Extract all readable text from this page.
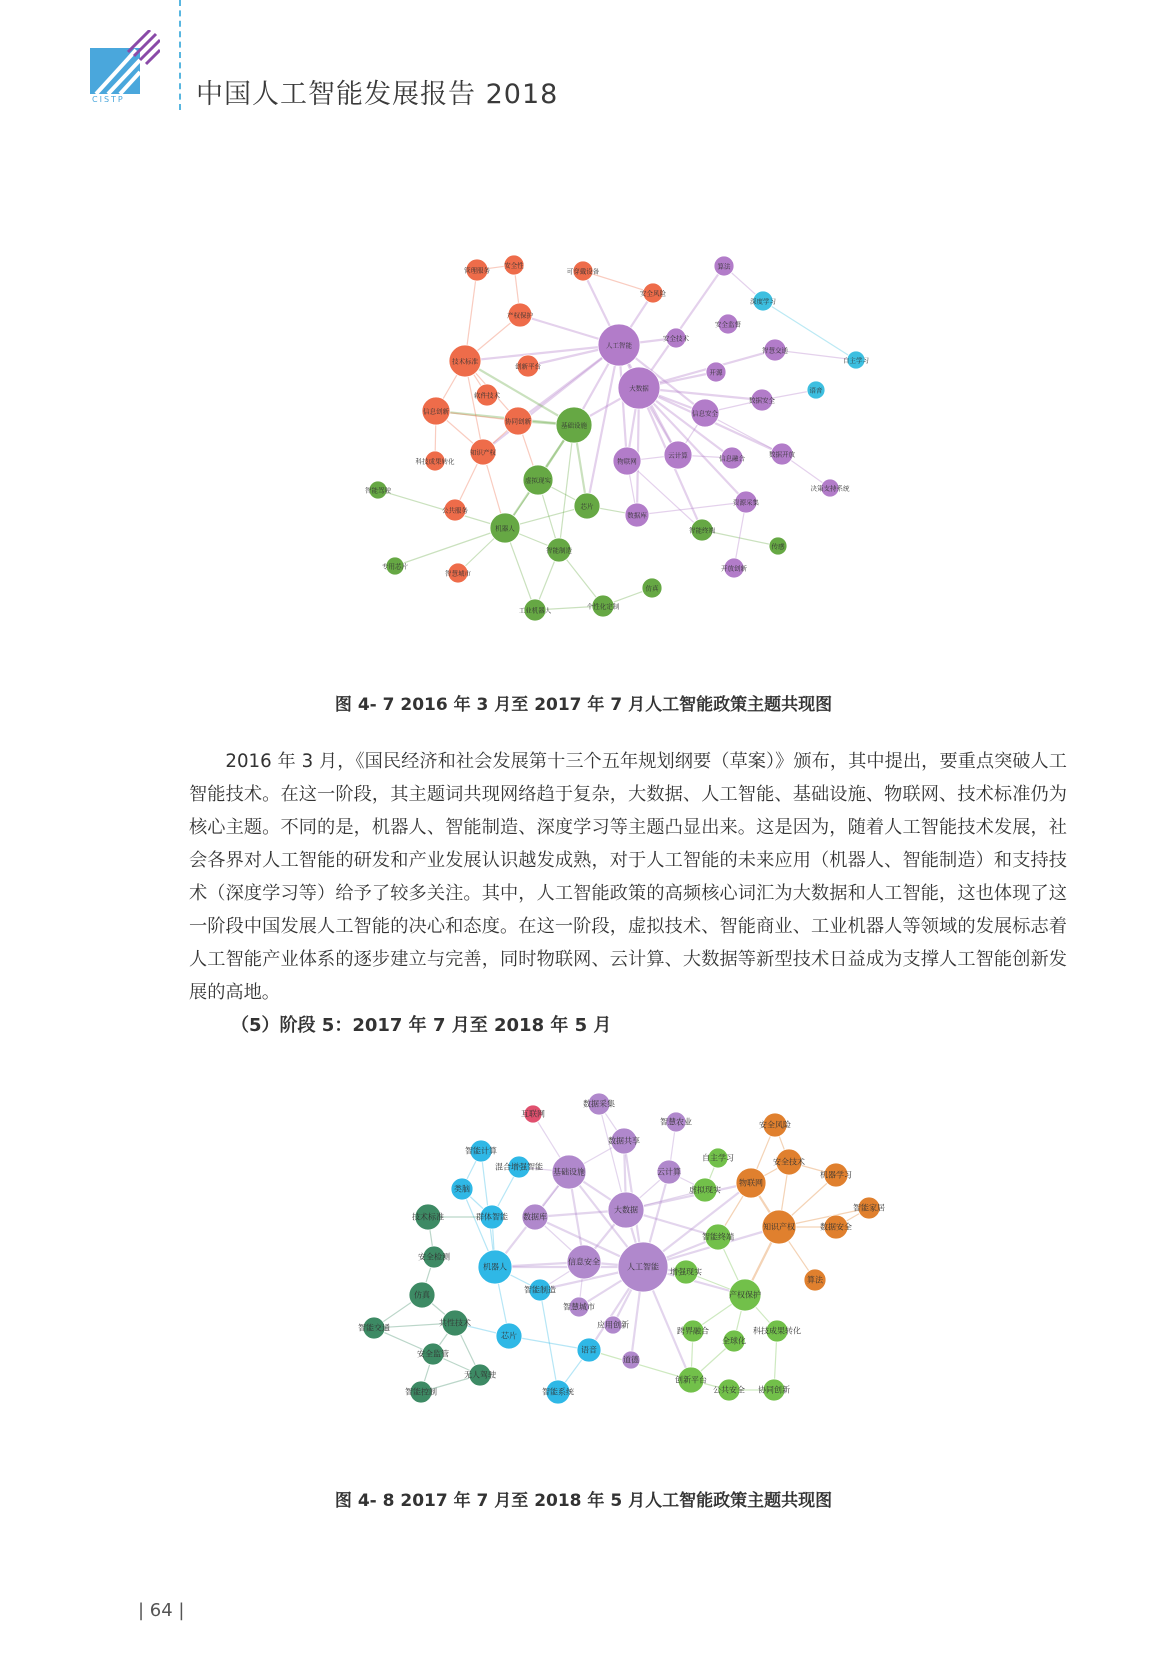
CISTP	中国人工智能发展报告 2018
人工智能
大数据
基础设施
技术标准
信息创新
协同创新
知识产权
机器人
虚拟现实
物联网
云计算
信息安全
芯片
数据库
数据开放
智慧交通
数据安全
信息融合
智能终端
资源采集
创新平台
软件技术
产权保护
管理服务
安全性
可穿戴设备
安全风险
科技成果转化
公共服务
算法
深度学习
安全监督
安全技术
开源
语音
自主学习
智能制造
工业机器人	个性化定制
仿真
传感
开放创新
决策支持系统
智能驾驶
智慧城市
专用芯片
图 4- 7 2016 年 3 月至 2017 年 7 月人工智能政策主题共现图

2016 年 3 月，《国民经济和社会发展第十三个五年规划纲要（草案）》颁布，其中提出，要重点突破人工智能技术。在这一阶段，其主题词共现网络趋于复杂，大数据、人工智能、基础设施、物联网、技术标准仍为核心主题。不同的是，机器人、智能制造、深度学习等主题凸显出来。这是因为，随着人工智能技术发展，社会各界对人工智能的研发和产业发展认识越发成熟，对于人工智能的未来应用（机器人、智能制造）和支持技术（深度学习等）给予了较多关注。其中，人工智能政策的高频核心词汇为大数据和人工智能，这也体现了这一阶段中国发展人工智能的决心和态度。在这一阶段，虚拟技术、智能商业、工业机器人等领域的发展标志着人工智能产业体系的逐步建立与完善，同时物联网、云计算、大数据等新型技术日益成为支撑人工智能创新发展的高地。

（5）阶段 5：2017 年 7 月至 2018 年 5 月
人工智能
大数据
信息安全
基础设施
数据库
数据共享
云计算
数据采集
智慧农业
智慧城市
应用创新
道德
知识产权
物联网
安全技术
安全风险
机器学习
数据安全
智能家居
算法
虚拟现实
自主学习
智能终端
增强现实
产权保护
科技成果转化
全球化
跨界融合
创新平台
公共安全 协同创新
机器人
群体智能
类脑
智能计算
混合增强智能
智能制造
芯片
语音
智能系统
技术标准
安全检测
仿真
共性技术
智能交通
安全监管
无人驾驶
智能控制
互联网
图 4- 8 2017 年 7 月至 2018 年 5 月人工智能政策主题共现图
| 64 |
